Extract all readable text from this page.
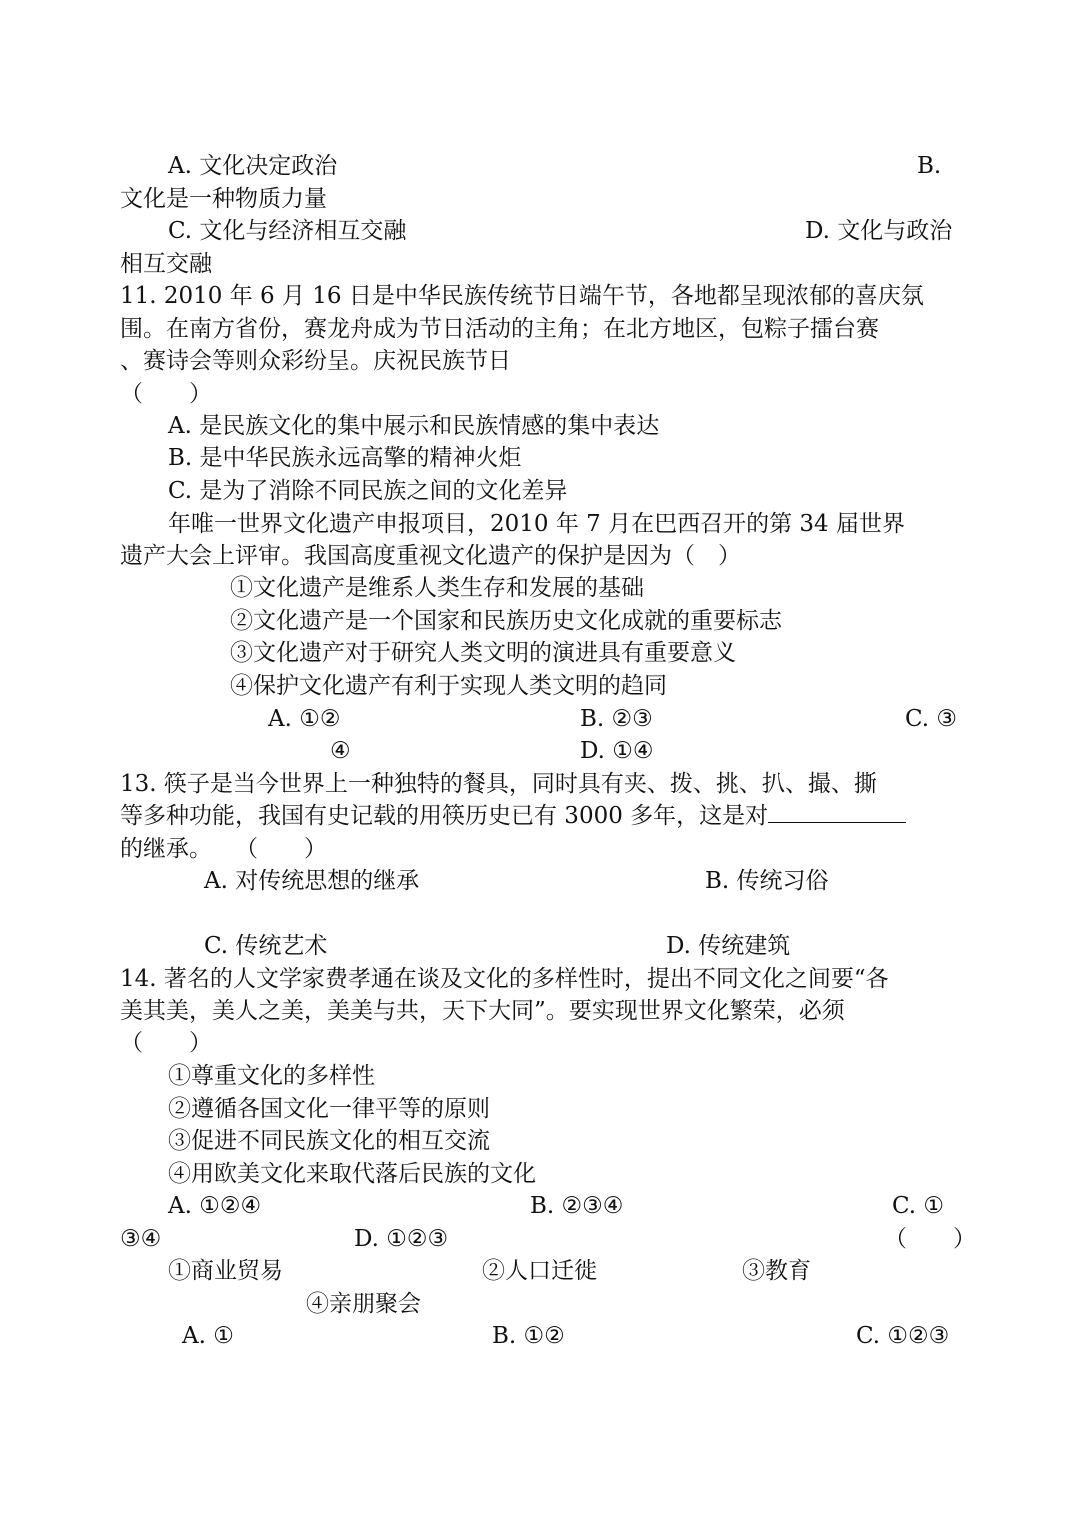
A. 文化决定政治	B.
文化是一种物质力量
C. 文化与经济相互交融	D. 文化与政治
相互交融
11. 2010 年 6 月 16 日是中华民族传统节日端午节，各地都呈现浓郁的喜庆氛
围。在南方省份，赛龙舟成为节日活动的主角；在北方地区，包粽子擂台赛
、赛诗会等则众彩纷呈。庆祝民族节日
（　　）
A. 是民族文化的集中展示和民族情感的集中表达
B. 是中华民族永远高擎的精神火炬
C. 是为了消除不同民族之间的文化差异
年唯一世界文化遗产申报项目，2010 年 7 月在巴西召开的第 34 届世界
遗产大会上评审。我国高度重视文化遗产的保护是因为（　）
①文化遗产是维系人类生存和发展的基础
②文化遗产是一个国家和民族历史文化成就的重要标志
③文化遗产对于研究人类文明的演进具有重要意义
④保护文化遗产有利于实现人类文明的趋同
A. ①②	B. ②③	C. ③
④	D. ①④
13. 筷子是当今世界上一种独特的餐具，同时具有夹、拨、挑、扒、撮、撕
等多种功能，我国有史记载的用筷历史已有 3000 多年，这是对
的继承。　　（　　）
A. 对传统思想的继承	B. 传统习俗
C. 传统艺术	D. 传统建筑
14. 著名的人文学家费孝通在谈及文化的多样性时，提出不同文化之间要“各
美其美，美人之美，美美与共，天下大同”。要实现世界文化繁荣，必须
（　　）
①尊重文化的多样性
②遵循各国文化一律平等的原则
③促进不同民族文化的相互交流
④用欧美文化来取代落后民族的文化
A. ①②④	B. ②③④	C. ①
③④	D. ①②③	（　　）
①商业贸易	②人口迁徙	③教育
④亲朋聚会
A. ①	B. ①②	C. ①②③
